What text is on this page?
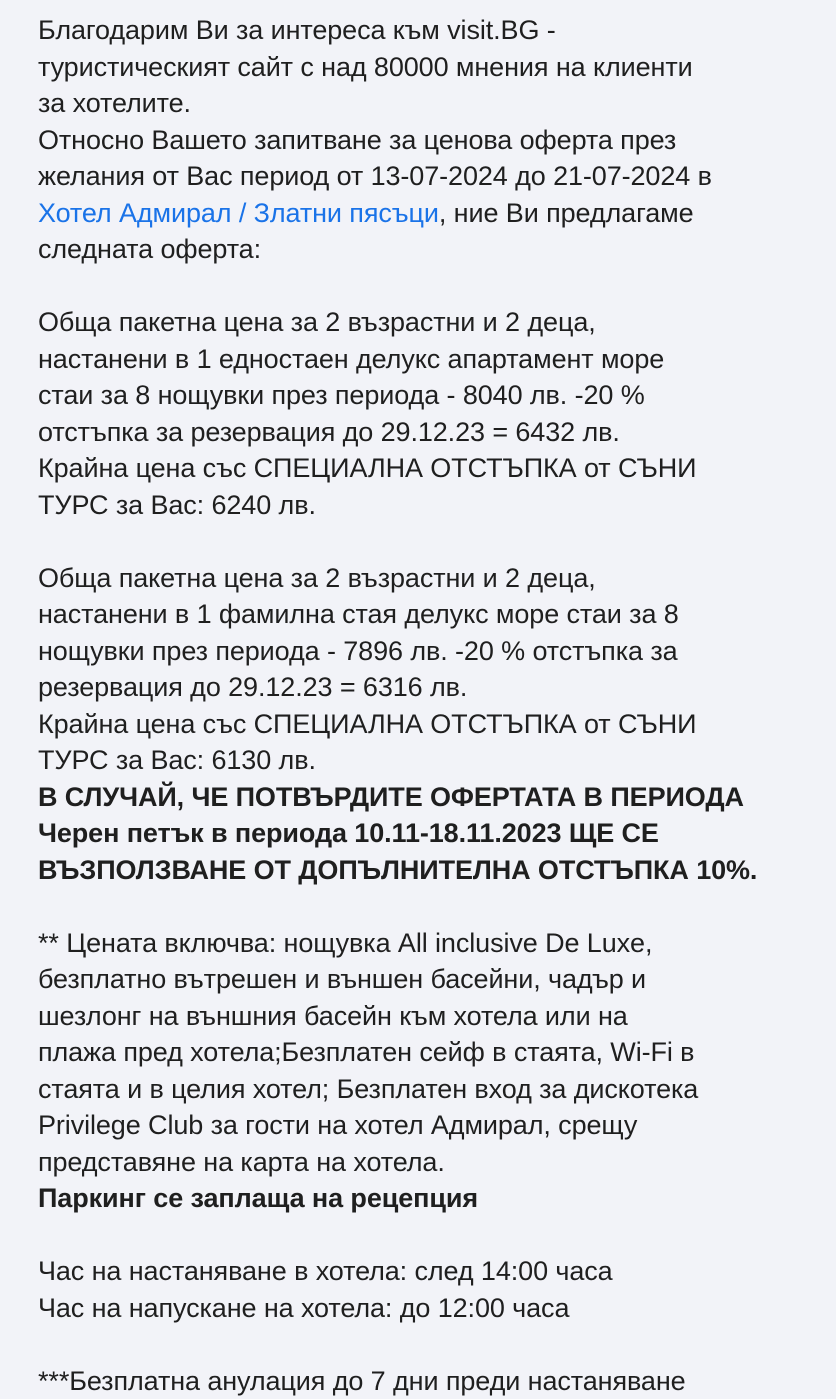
Благодарим Ви за интереса към visit.BG -

туристическият сайт с над 80000 мнения на клиенти

за хотелите.

Относно Вашето запитване за ценова оферта през

желания от Вас период от 13-07-2024 до 21-07-2024 в

Хотел Адмирал / Златни пясъци, ние Ви предлагаме

следната оферта:

Обща пакетна цена за 2 възрастни и 2 деца,

настанени в 1 едностаен делукс апартамент море

стаи за 8 нощувки през периода - 8040 лв. -20 %

отстъпка за резервация до 29.12.23 = 6432 лв.

Крайна цена със СПЕЦИАЛНА ОТСТЪПКА от СЪНИ

ТУРС за Вас: 6240 лв.

Обща пакетна цена за 2 възрастни и 2 деца,

настанени в 1 фамилна стая делукс море стаи за 8

нощувки през периода - 7896 лв. -20 % отстъпка за

резервация до 29.12.23 = 6316 лв.

Крайна цена със СПЕЦИАЛНА ОТСТЪПКА от СЪНИ

ТУРС за Вас: 6130 лв.

В СЛУЧАЙ, ЧЕ ПОТВЪРДИТЕ ОФЕРТАТА В ПЕРИОДА

Черен петък в периода 10.11-18.11.2023 ЩЕ СЕ

ВЪЗПОЛЗВАНЕ ОТ ДОПЪЛНИТЕЛНА ОТСТЪПКА 10%.

** Цената включва: нощувка All inclusive De Luxe,

безплатно вътрешен и външен басейни, чадър и

шезлонг на външния басейн към хотела или на

плажа пред хотела;Безплатен сейф в стаята, Wi-Fi в

стаята и в целия хотел; Безплатен вход за дискотека

Privilege Club за гости на хотел Адмирал, срещу

представяне на карта на хотела.

Паркинг се заплаща на рецепция

Час на настаняване в хотела: след 14:00 часа

Час на напускане на хотела: до 12:00 часа

***Безплатна анулация до 7 дни преди настаняване
